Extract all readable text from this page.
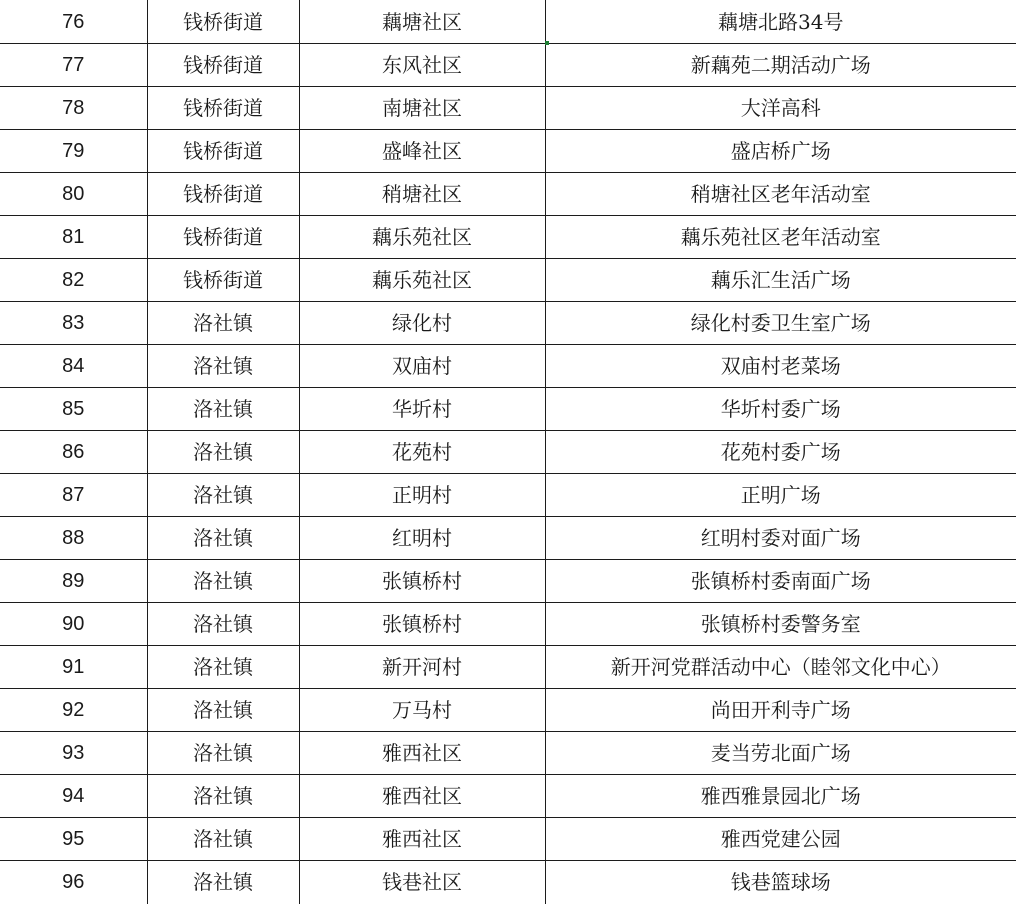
76	钱桥街道	藕塘社区	藕塘北路34号
77	钱桥街道	东风社区	新藕苑二期活动广场
78	钱桥街道	南塘社区	大洋高科
79	钱桥街道	盛峰社区	盛店桥广场
80	钱桥街道	稍塘社区	稍塘社区老年活动室
81	钱桥街道	藕乐苑社区	藕乐苑社区老年活动室
82	钱桥街道	藕乐苑社区	藕乐汇生活广场
83	洛社镇	绿化村	绿化村委卫生室广场
84	洛社镇	双庙村	双庙村老菜场
85	洛社镇	华圻村	华圻村委广场
86	洛社镇	花苑村	花苑村委广场
87	洛社镇	正明村	正明广场
88	洛社镇	红明村	红明村委对面广场
89	洛社镇	张镇桥村	张镇桥村委南面广场
90	洛社镇	张镇桥村	张镇桥村委警务室
91	洛社镇	新开河村	新开河党群活动中心（睦邻文化中心）
92	洛社镇	万马村	尚田开利寺广场
93	洛社镇	雅西社区	麦当劳北面广场
94	洛社镇	雅西社区	雅西雅景园北广场
95	洛社镇	雅西社区	雅西党建公园
96	洛社镇	钱巷社区	钱巷篮球场
